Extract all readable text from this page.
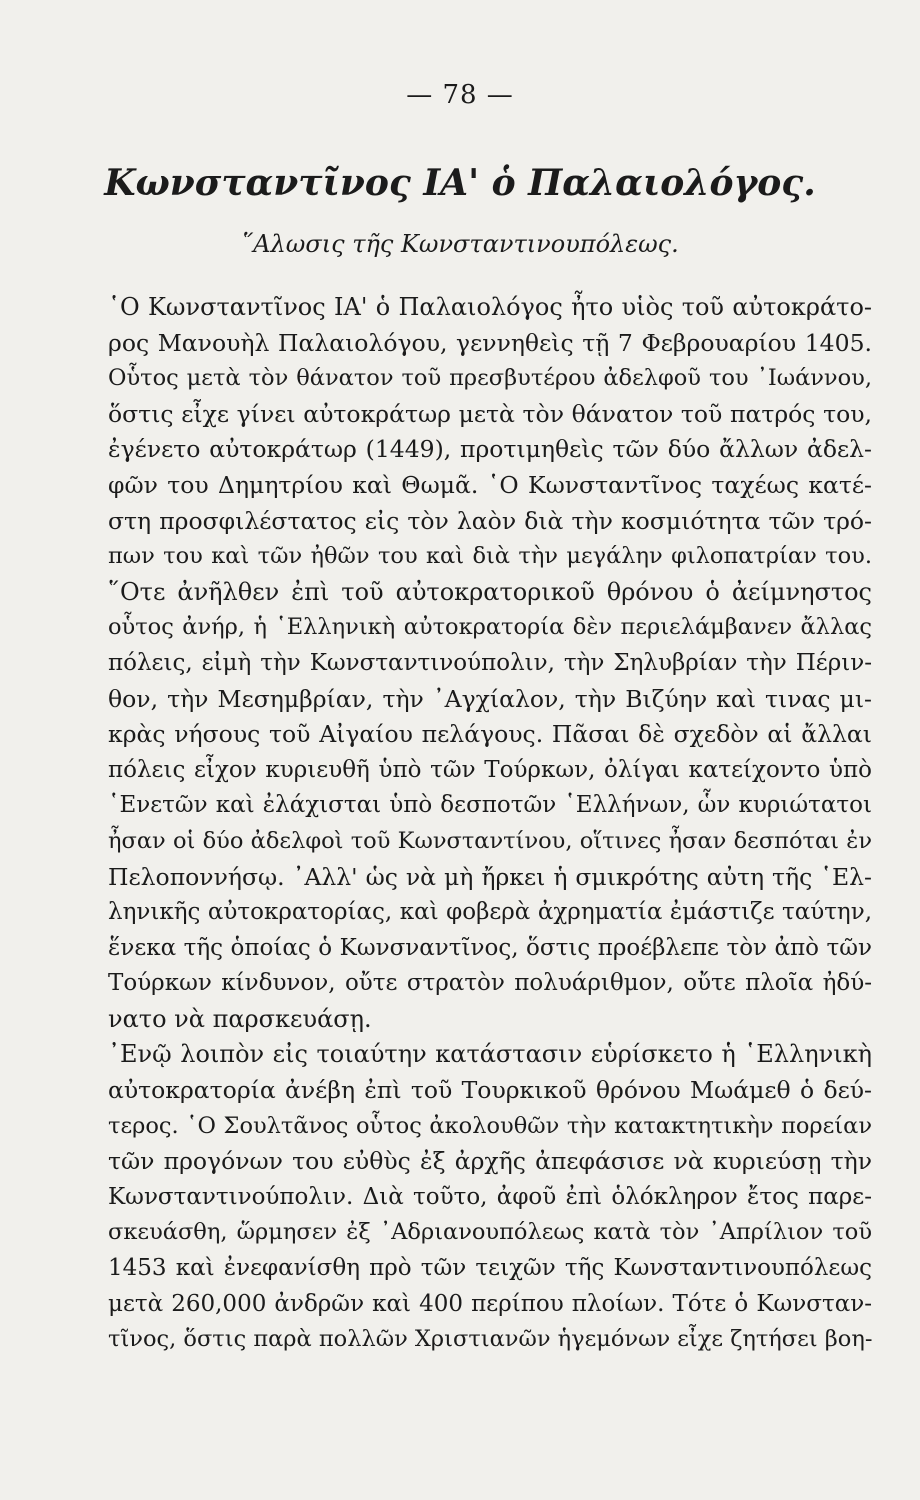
— 78 —
Κωνσταντῖνος ΙΑ' ὁ Παλαιολόγος.
῞Αλωσις τῆς Κωνσταντινουπόλεως.
῾Ο Κωνσταντῖνος ΙΑ' ὁ Παλαιολόγος ἦτο υἱὸς τοῦ αὐτοκράτο-
ρος Μανουὴλ Παλαιολόγου, γεννηθεὶς τῇ 7 Φεβρουαρίου 1405.
Οὗτος μετὰ τὸν θάνατον τοῦ πρεσβυτέρου ἀδελφοῦ του ᾿Ιωάννου,
ὅστις εἶχε γίνει αὐτοκράτωρ μετὰ τὸν θάνατον τοῦ πατρός του,
ἐγένετο αὐτοκράτωρ (1449), προτιμηθεὶς τῶν δύο ἄλλων ἀδελ-
φῶν του Δημητρίου καὶ Θωμᾶ. ῾Ο Κωνσταντῖνος ταχέως κατέ-
στη προσφιλέστατος εἰς τὸν λαὸν διὰ τὴν κοσμιότητα τῶν τρό-
πων του καὶ τῶν ἠθῶν του καὶ διὰ τὴν μεγάλην φιλοπατρίαν του.
῞Οτε ἀνῆλθεν ἐπὶ τοῦ αὐτοκρατορικοῦ θρόνου ὁ ἀείμνηστος
οὗτος ἀνήρ, ἡ ῾Ελληνικὴ αὐτοκρατορία δὲν περιελάμβανεν ἄλλας
πόλεις, εἰμὴ τὴν Κωνσταντινούπολιν, τὴν Σηλυβρίαν τὴν Πέριν-
θον, τὴν Μεσημβρίαν, τὴν ᾿Αγχίαλον, τὴν Βιζύην καὶ τινας μι-
κρὰς νήσους τοῦ Αἰγαίου πελάγους. Πᾶσαι δὲ σχεδὸν αἱ ἄλλαι
πόλεις εἶχον κυριευθῆ ὑπὸ τῶν Τούρκων, ὀλίγαι κατείχοντο ὑπὸ
῾Ενετῶν καὶ ἐλάχισται ὑπὸ δεσποτῶν ῾Ελλήνων, ὧν κυριώτατοι
ἦσαν οἱ δύο ἀδελφοὶ τοῦ Κωνσταντίνου, οἵτινες ἦσαν δεσπόται ἐν
Πελοποννήσῳ. ᾿Αλλ' ὡς νὰ μὴ ἤρκει ἡ σμικρότης αὐτη τῆς ῾Ελ-
ληνικῆς αὐτοκρατορίας, καὶ φοβερὰ ἀχρηματία ἐμάστιζε ταύτην,
ἕνεκα τῆς ὁποίας ὁ Κωνσναντῖνος, ὅστις προέβλεπε τὸν ἀπὸ τῶν
Τούρκων κίνδυνον, οὔτε στρατὸν πολυάριθμον, οὔτε πλοῖα ἠδύ-
νατο νὰ παρσκευάσῃ.
᾿Ενῷ λοιπὸν εἰς τοιαύτην κατάστασιν εὑρίσκετο ἡ ῾Ελληνικὴ
αὐτοκρατορία ἀνέβη ἐπὶ τοῦ Τουρκικοῦ θρόνου Μωάμεθ ὁ δεύ-
τερος. ῾Ο Σουλτᾶνος οὗτος ἀκολουθῶν τὴν κατακτητικὴν πορείαν
τῶν προγόνων του εὐθὺς ἐξ ἀρχῆς ἀπεφάσισε νὰ κυριεύσῃ τὴν
Κωνσταντινούπολιν. Διὰ τοῦτο, ἀφοῦ ἐπὶ ὁλόκληρον ἔτος παρε-
σκευάσθη, ὥρμησεν ἐξ ᾿Αδριανουπόλεως κατὰ τὸν ᾿Απρίλιον τοῦ
1453 καὶ ἐνεφανίσθη πρὸ τῶν τειχῶν τῆς Κωνσταντινουπόλεως
μετὰ 260,000 ἀνδρῶν καὶ 400 περίπου πλοίων. Τότε ὁ Κωνσταν-
τῖνος, ὅστις παρὰ πολλῶν Χριστιανῶν ἡγεμόνων εἶχε ζητήσει βοη-
